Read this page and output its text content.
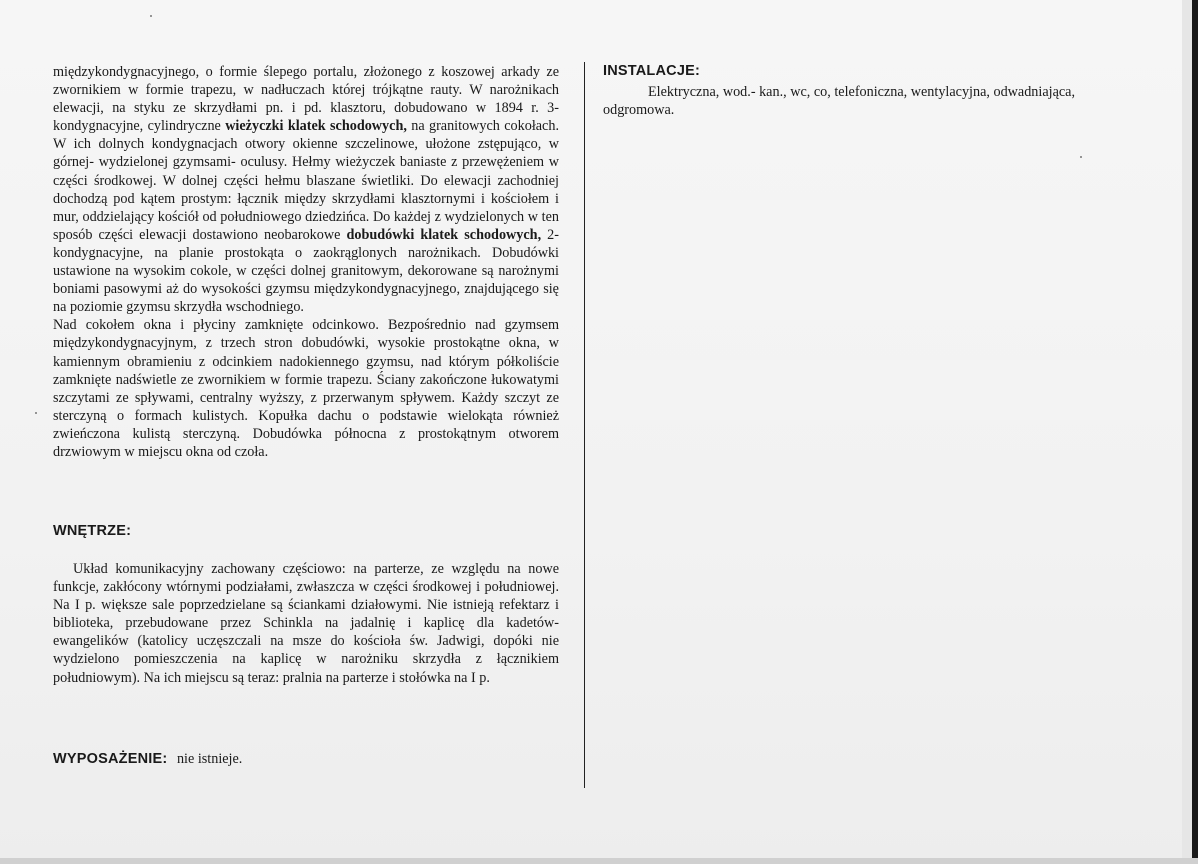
międzykondygnacyjnego, o formie ślepego portalu, złożonego z koszowej arkady ze zwornikiem w formie trapezu, w nadłuczach której trójkątne rauty. W narożnikach elewacji, na styku ze skrzydłami pn. i pd. klasztoru, dobudowano w 1894 r. 3- kondygnacyjne, cylindryczne wieżyczki klatek schodowych, na granitowych cokołach. W ich dolnych kondygnacjach otwory okienne szczelinowe, ułożone zstępująco, w górnej- wydzielonej gzymsami- oculusy. Hełmy wieżyczek baniaste z przewężeniem w części środkowej. W dolnej części hełmu blaszane świetliki. Do elewacji zachodniej dochodzą pod kątem prostym: łącznik między skrzydłami klasztornymi i kościołem i mur, oddzielający kościół od południowego dziedzińca. Do każdej z wydzielonych w ten sposób części elewacji dostawiono neobarokowe dobudówki klatek schodowych, 2-kondygnacyjne, na planie prostokąta o zaokrąglonych narożnikach. Dobudówki ustawione na wysokim cokole, w części dolnej granitowym, dekorowane są narożnymi boniami pasowymi aż do wysokości gzymsu międzykondygnacyjnego, znajdującego się na poziomie gzymsu skrzydła wschodniego.

Nad cokołem okna i płyciny zamknięte odcinkowo. Bezpośrednio nad gzymsem międzykondygnacyjnym, z trzech stron dobudówki, wysokie prostokątne okna, w kamiennym obramieniu z odcinkiem nadokiennego gzymsu, nad którym półkoliście zamknięte nadświetle ze zwornikiem w formie trapezu. Ściany zakończone łukowatymi szczytami ze spływami, centralny wyższy, z przerwanym spływem. Każdy szczyt ze sterczyną o formach kulistych. Kopułka dachu o podstawie wielokąta również zwieńczona kulistą sterczyną. Dobudówka północna z prostokątnym otworem drzwiowym w miejscu okna od czoła.

WNĘTRZE:

Układ komunikacyjny zachowany częściowo: na parterze, ze względu na nowe funkcje, zakłócony wtórnymi podziałami, zwłaszcza w części środkowej i południowej. Na I p. większe sale poprzedzielane są ściankami działowymi. Nie istnieją refektarz i biblioteka, przebudowane przez Schinkla na jadalnię i kaplicę dla kadetów- ewangelików (katolicy uczęszczali na msze do kościoła św. Jadwigi, dopóki nie wydzielono pomieszczenia na kaplicę w narożniku skrzydła z łącznikiem południowym). Na ich miejscu są teraz: pralnia na parterze i stołówka na I p.

WYPOSAŻENIE: nie istnieje.
INSTALACJE:

Elektryczna, wod.- kan., wc, co, telefoniczna, wentylacyjna, odwadniająca, odgromowa.
